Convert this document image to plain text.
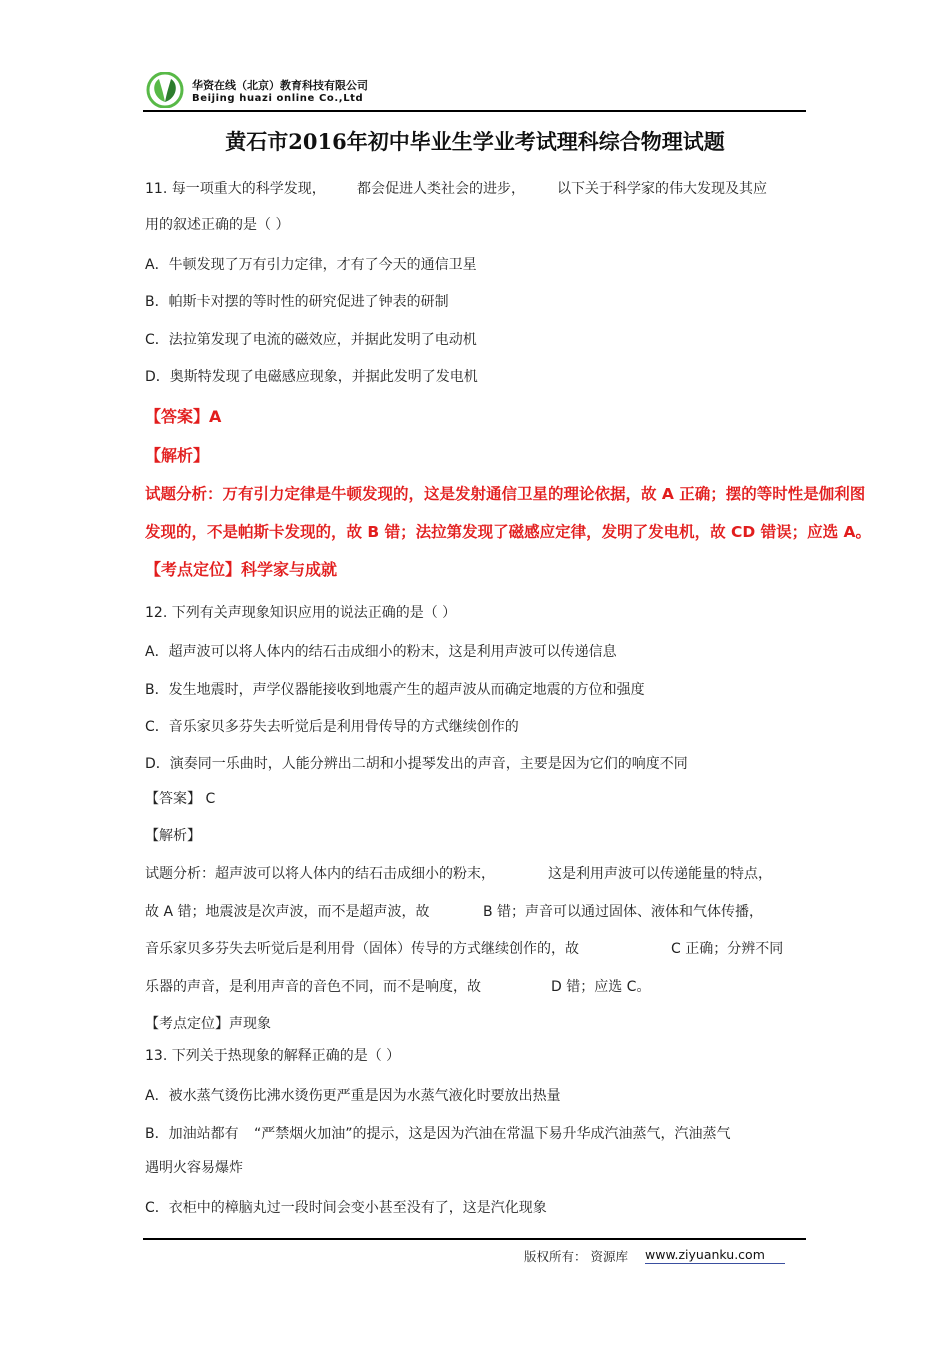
华资在线（北京）教育科技有限公司
Beijing huazi online Co.,Ltd
黄石市2016年初中毕业生学业考试理科综合物理试题
11. 每一项重大的科学发现， 都会促进人类社会的进步， 以下关于科学家的伟大发现及其应
用的叙述正确的是（ ）
A．牛顿发现了万有引力定律，才有了今天的通信卫星
B．帕斯卡对摆的等时性的研究促进了钟表的研制
C．法拉第发现了电流的磁效应，并据此发明了电动机
D．奥斯特发现了电磁感应现象，并据此发明了发电机
【答案】A
【解析】
试题分析：万有引力定律是牛顿发现的，这是发射通信卫星的理论依据，故 A 正确；摆的等时性是伽利图
发现的，不是帕斯卡发现的，故 B 错；法拉第发现了磁感应定律，发明了发电机，故 CD 错误；应选 A。
【考点定位】科学家与成就
12. 下列有关声现象知识应用的说法正确的是（ ）
A．超声波可以将人体内的结石击成细小的粉末，这是利用声波可以传递信息
B．发生地震时，声学仪器能接收到地震产生的超声波从而确定地震的方位和强度
C．音乐家贝多芬失去听觉后是利用骨传导的方式继续创作的
D．演奏同一乐曲时，人能分辨出二胡和小提琴发出的声音，主要是因为它们的响度不同
【答案】 C
【解析】
试题分析：超声波可以将人体内的结石击成细小的粉末，	这是利用声波可以传递能量的特点，
故 A 错；地震波是次声波，而不是超声波，故	B 错；声音可以通过固体、液体和气体传播，
音乐家贝多芬失去听觉后是利用骨（固体）传导的方式继续创作的，故	C 正确；分辨不同
乐器的声音，是利用声音的音色不同，而不是响度，故	D 错；应选 C。
【考点定位】声现象
13. 下列关于热现象的解释正确的是（ ）
A．被水蒸气烫伤比沸水烫伤更严重是因为水蒸气液化时要放出热量
B．加油站都有 “严禁烟火加油”的提示，这是因为汽油在常温下易升华成汽油蒸气，汽油蒸气
遇明火容易爆炸
C．衣柜中的樟脑丸过一段时间会变小甚至没有了，这是汽化现象
版权所有： 资源库 www.ziyuanku.com
